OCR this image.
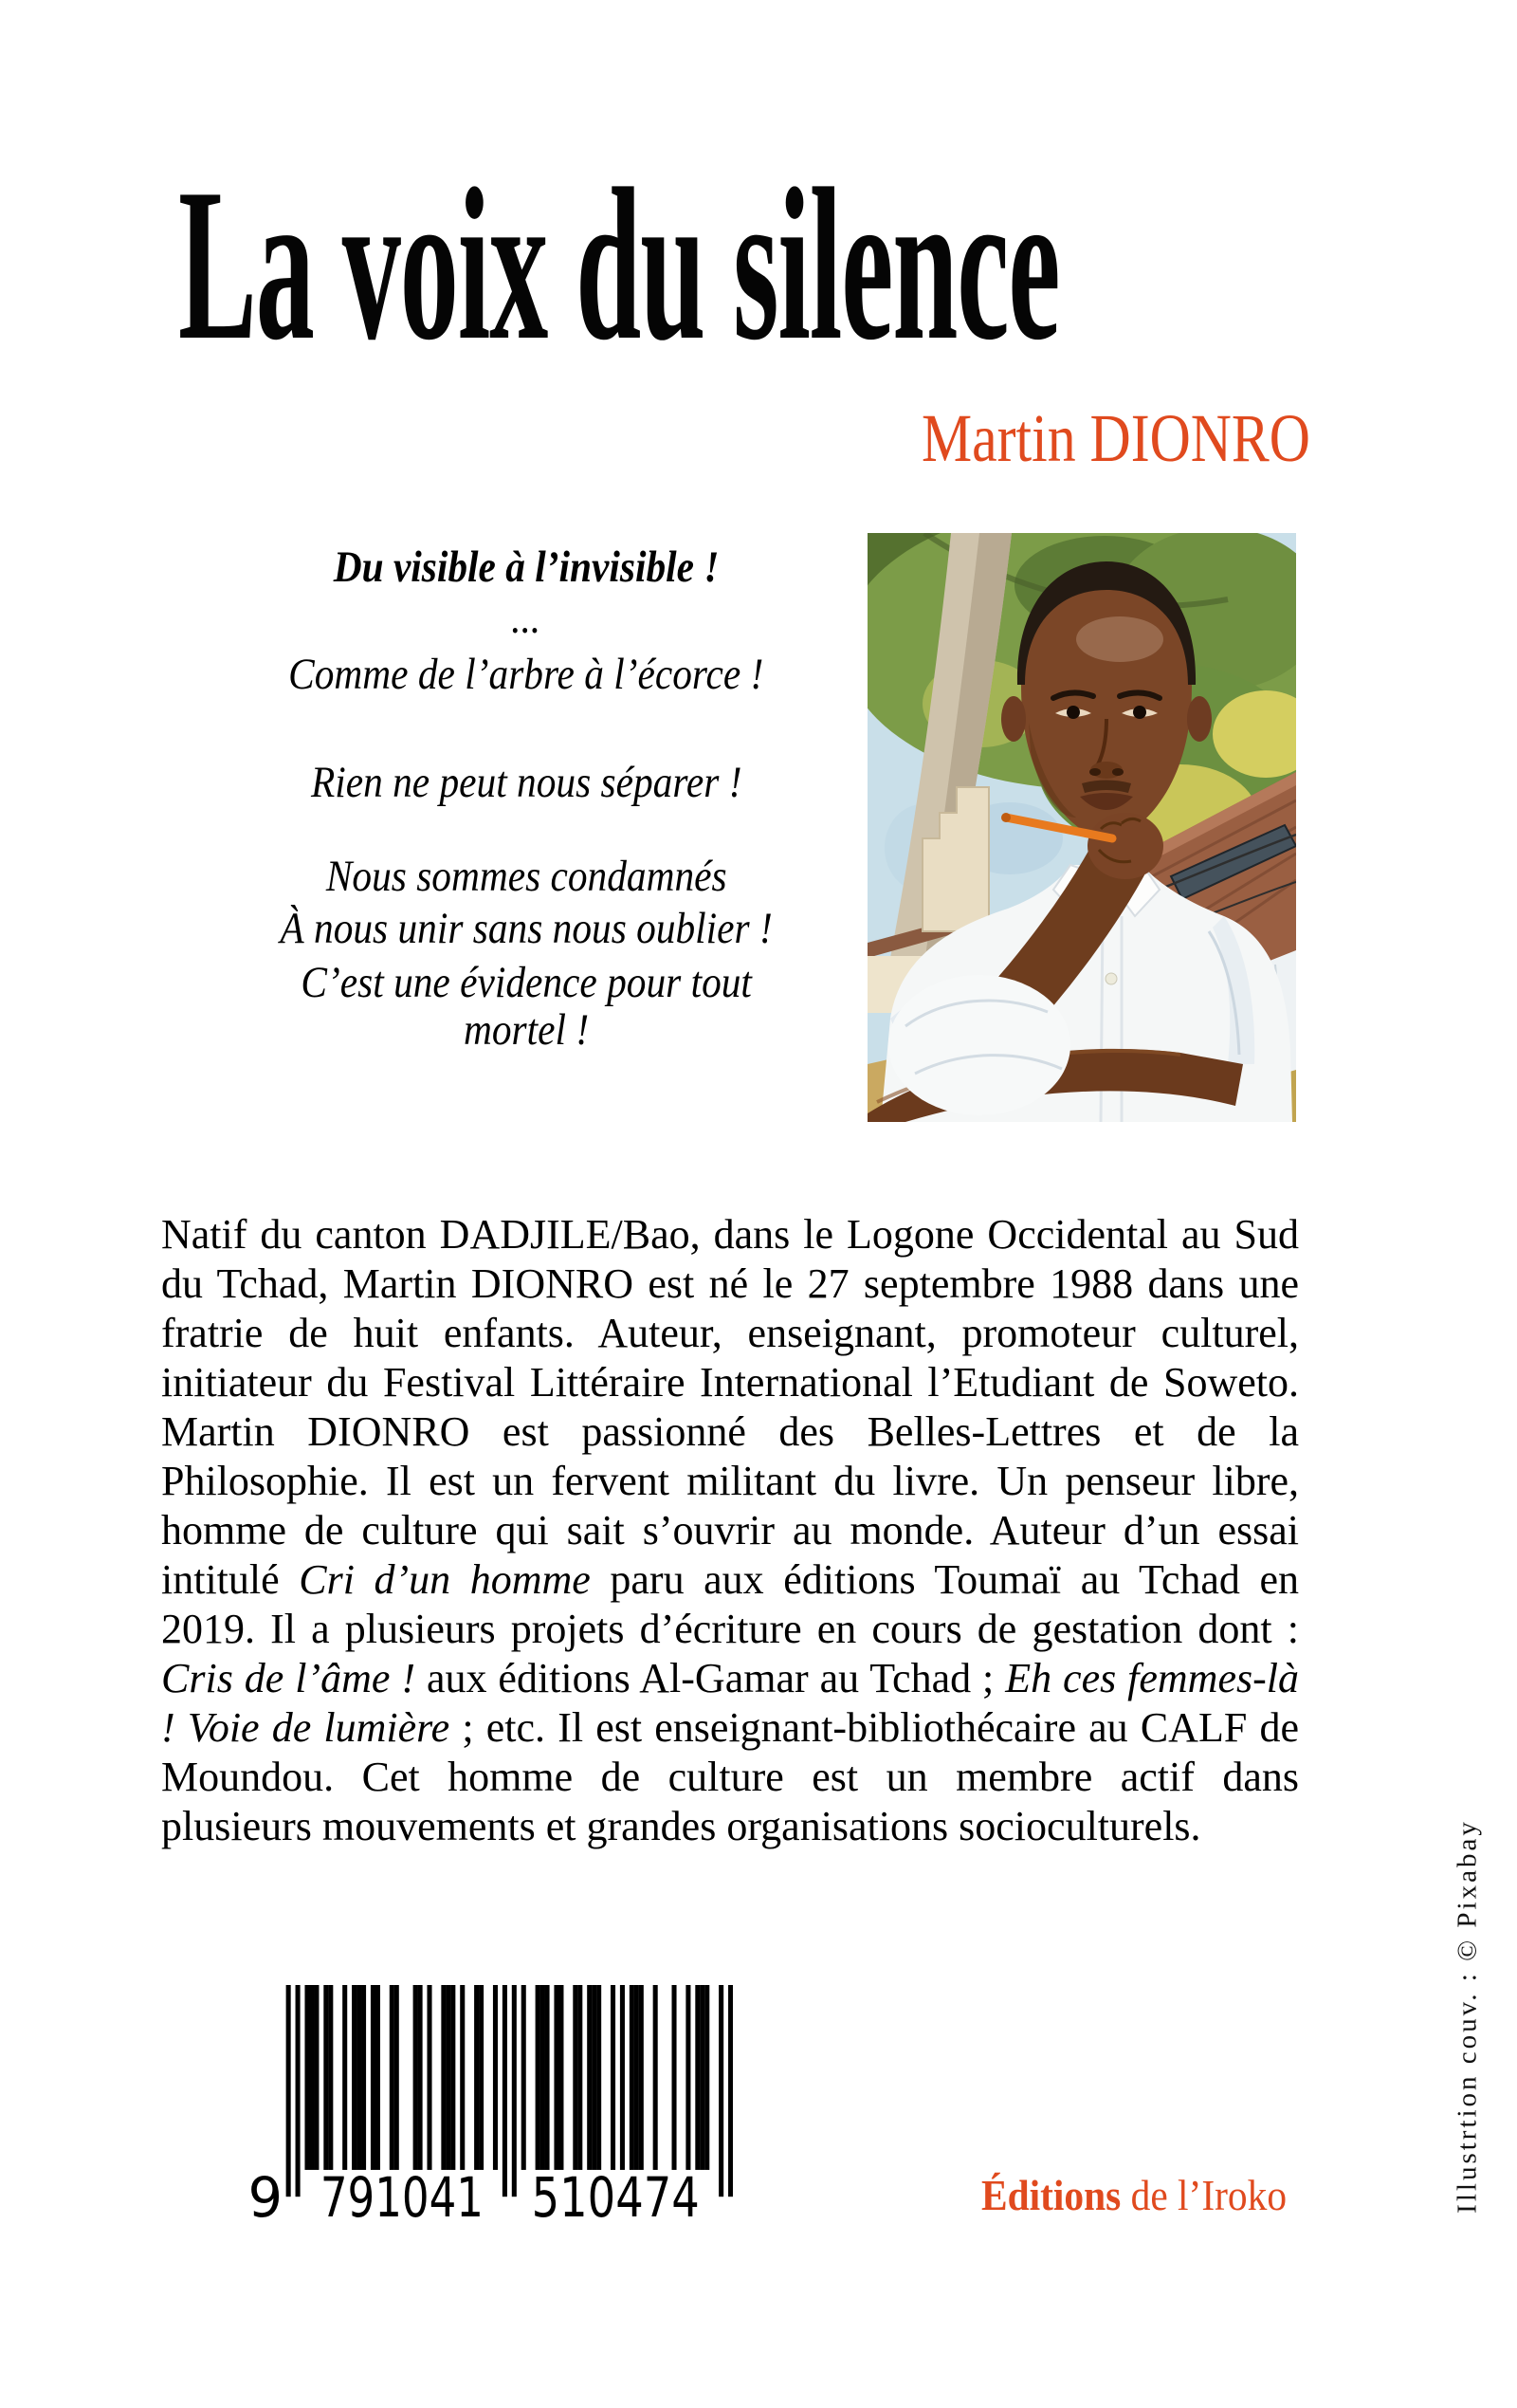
La voix du silence
Martin DIONRO
Du visible à l’invisible !
...
Comme de l’arbre à l’écorce !
Rien ne peut nous séparer !
Nous sommes condamnés
À nous unir sans nous oublier !
C’est une évidence pour tout
mortel !

Natif du canton DADJILE/Bao, dans le Logone Occidental au Sud du Tchad, Martin DIONRO est né le 27 septembre 1988 dans une fratrie de huit enfants. Auteur, enseignant, promoteur culturel, initiateur du Festival Littéraire International l’Etudiant de Soweto. Martin DIONRO est passionné des Belles-Lettres et de la Philosophie. Il est un fervent militant du livre. Un penseur libre, homme de culture qui sait s’ouvrir au monde. Auteur d’un essai intitulé Cri d’un homme paru aux éditions Toumaï au Tchad en 2019. Il a plusieurs projets d’écriture en cours de gestation dont : Cris de l’âme ! aux éditions Al-Gamar au Tchad ; Eh ces femmes-là ! Voie de lumière ; etc. Il est enseignant-bibliothécaire au CALF de Moundou. Cet homme de culture est un membre actif dans plusieurs mouvements et grandes organisations socioculturels.

9	791041	510474	Éditions de l’Iroko	Illustrtion couv. : © Pixabay
